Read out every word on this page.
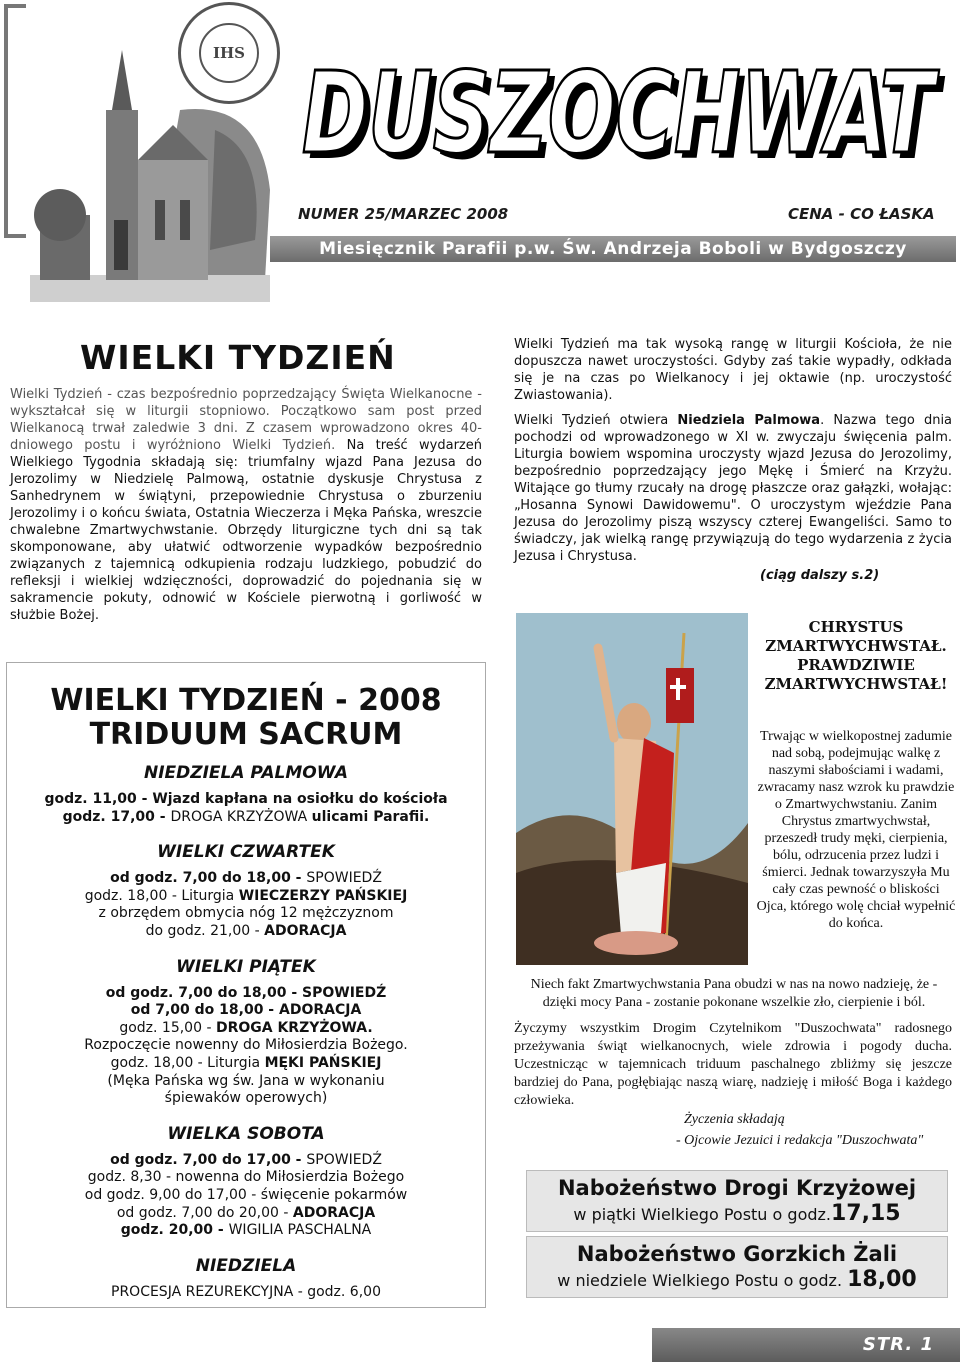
IHS
DUSZOCHWAT
DUSZOCHWAT
NUMER 25/MARZEC 2008	CENA - CO ŁASKA
Miesięcznik Parafii p.w. Św. Andrzeja Boboli w Bydgoszczy
WIELKI TYDZIEŃ
Wielki Tydzień - czas bezpośrednio poprzedzający Święta Wielkanocne - wykształcał się w liturgii stopniowo. Początkowo sam post przed Wielkanocą trwał zaledwie 3 dni. Z czasem wprowadzono okres 40-dniowego postu i wyróżniono Wielki Tydzień. Na treść wydarzeń Wielkiego Tygodnia składają się: triumfalny wjazd Pana Jezusa do Jerozolimy w Niedzielę Palmową, ostatnie dyskusje Chrystusa z Sanhedrynem w świątyni, przepowiednie Chrystusa o zburzeniu Jerozolimy i o końcu świata, Ostatnia Wieczerza i Męka Pańska, wreszcie chwalebne Zmartwychwstanie. Obrzędy liturgiczne tych dni są tak skomponowane, aby ułatwić odtworzenie wypadków bezpośrednio związanych z tajemnicą odkupienia rodzaju ludzkiego, pobudzić do refleksji i wielkiej wdzięczności, doprowadzić do pojednania się w sakramencie pokuty, odnowić w Kościele pierwotną i gorliwość w służbie Bożej.
WIELKI TYDZIEŃ - 2008
TRIDUUM SACRUM
NIEDZIELA PALMOWA
godz. 11,00 - Wjazd kapłana na osiołku do kościoła
godz. 17,00 - DROGA KRZYŻOWA ulicami Parafii.
WIELKI CZWARTEK
od godz. 7,00 do 18,00 - SPOWIEDŹ
godz. 18,00 - Liturgia WIECZERZY PAŃSKIEJ
z obrzędem obmycia nóg 12 mężczyznom
do godz. 21,00 - ADORACJA
WIELKI PIĄTEK
od godz. 7,00 do 18,00 - SPOWIEDŹ
od 7,00 do 18,00 - ADORACJA
godz. 15,00 - DROGA KRZYŻOWA.
Rozpoczęcie nowenny do Miłosierdzia Bożego.
godz. 18,00 - Liturgia MĘKI PAŃSKIEJ
(Męka Pańska wg św. Jana w wykonaniu
śpiewaków operowych)
WIELKA SOBOTA
od godz. 7,00 do 17,00 - SPOWIEDŹ
godz. 8,30 - nowenna do Miłosierdzia Bożego
od godz. 9,00 do 17,00 - święcenie pokarmów
od godz. 7,00 do 20,00 - ADORACJA
godz. 20,00 - WIGILIA PASCHALNA
NIEDZIELA
PROCESJA REZUREKCYJNA - godz. 6,00

Wielki Tydzień ma tak wysoką rangę w liturgii Kościoła, że nie dopuszcza nawet uroczystości. Gdyby zaś takie wypadły, odkłada się je na czas po Wielkanocy i jej oktawie (np. uroczystość Zwiastowania).

Wielki Tydzień otwiera Niedziela Palmowa. Nazwa tego dnia pochodzi od wprowadzonego w XI w. zwyczaju święcenia palm. Liturgia bowiem wspomina uroczysty wjazd Jezusa do Jerozolimy, bezpośrednio poprzedzający jego Mękę i Śmierć na Krzyżu. Witające go tłumy rzucały na drogę płaszcze oraz gałązki, wołając: „Hosanna Synowi Dawidowemu". O uroczystym wjeździe Pana Jezusa do Jerozolimy piszą wszyscy czterej Ewangeliści. Samo to świadczy, jak wielką rangę przywiązują do tego wydarzenia z życia Jezusa i Chrystusa.

(ciąg dalszy s.2)
CHRYSTUS
ZMARTWYCHWSTAŁ.
PRAWDZIWIE
ZMARTWYCHWSTAŁ!
Trwając w wielkopostnej zadumie nad sobą, podejmując walkę z naszymi słabościami i wadami, zwracamy nasz wzrok ku prawdzie o Zmartwychwstaniu. Zanim Chrystus zmartwychwstał, przeszedł trudy męki, cierpienia, bólu, odrzucenia przez ludzi i śmierci. Jednak towarzyszyła Mu cały czas pewność o bliskości Ojca, którego wolę chciał wypełnić do końca.
Niech fakt Zmartwychwstania Pana obudzi w nas na nowo nadzieję, że - dzięki mocy Pana - zostanie pokonane wszelkie zło, cierpienie i ból.
Życzymy wszystkim Drogim Czytelnikom "Duszochwata" radosnego przeżywania świąt wielkanocnych, wiele zdrowia i pogody ducha. Uczestnicząc w tajemnicach triduum paschalnego zbliżmy się jeszcze bardziej do Pana, pogłębiając naszą wiarę, nadzieję i miłość Boga i każdego człowieka.
Życzenia składają
- Ojcowie Jezuici i redakcja "Duszochwata"
Nabożeństwo Drogi Krzyżowej
w piątki Wielkiego Postu o godz.17,15
Nabożeństwo Gorzkich Żali
w niedziele Wielkiego Postu o godz. 18,00
STR. 1
